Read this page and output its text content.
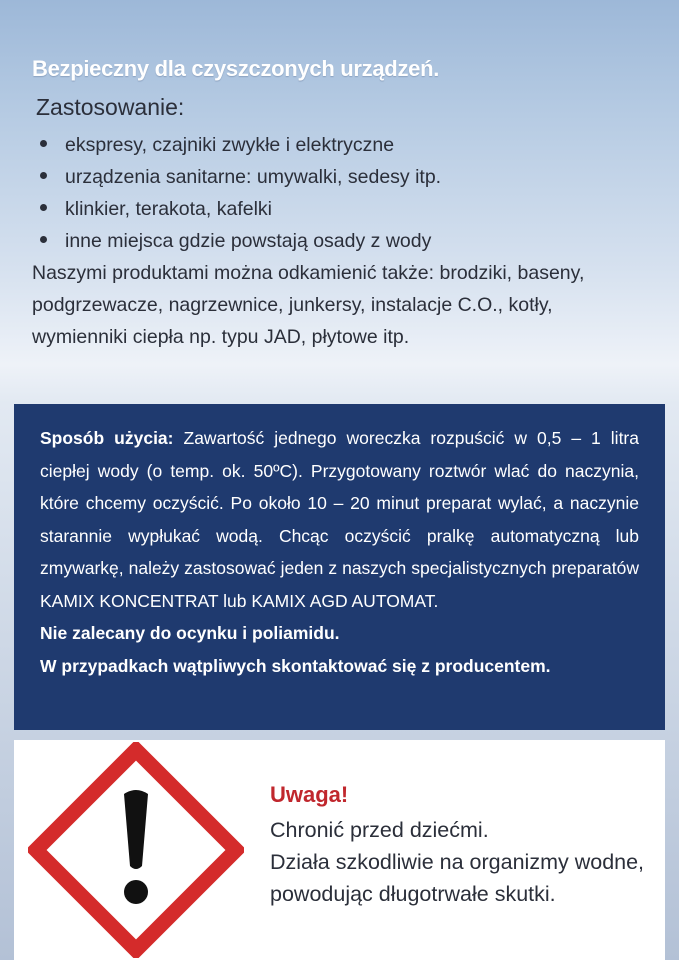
Bezpieczny dla czyszczonych urządzeń.
Zastosowanie:
ekspresy, czajniki zwykłe i elektryczne
urządzenia sanitarne: umywalki, sedesy itp.
klinkier, terakota, kafelki
inne miejsca gdzie powstają osady z wody
Naszymi produktami można odkamienić także: brodziki, baseny,
podgrzewacze, nagrzewnice, junkersy, instalacje C.O., kotły,
wymienniki ciepła np. typu JAD, płytowe itp.

Sposób użycia: Zawartość jednego woreczka rozpuścić w 0,5 – 1 litra ciepłej wody (o temp. ok. 50ºC). Przygotowany roztwór wlać do naczynia, które chcemy oczyścić. Po około 10 – 20 minut preparat wylać, a naczynie starannie wypłukać wodą. Chcąc oczyścić pralkę automatyczną lub zmywarkę, należy zastosować jeden z naszych specjalistycznych preparatów KAMIX KONCENTRAT lub KAMIX AGD AUTOMAT.

Nie zalecany do ocynku i poliamidu.

W przypadkach wątpliwych skontaktować się z producentem.

Uwaga!
Chronić przed dziećmi.
Działa szkodliwie na organizmy wodne,
powodując długotrwałe skutki.
